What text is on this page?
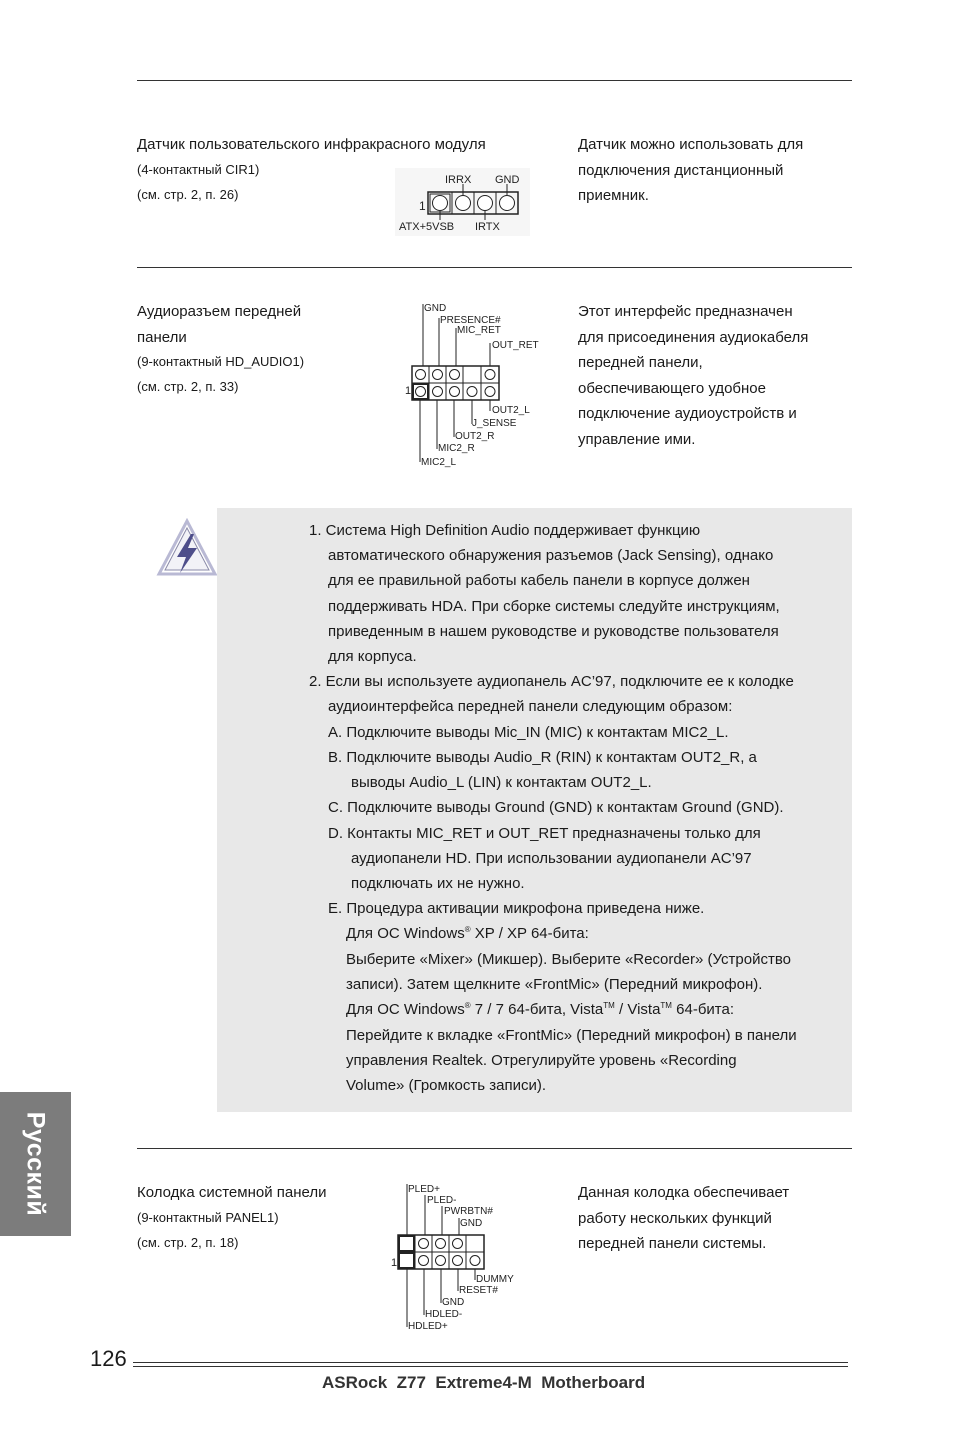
Датчик пользовательского инфракрасного модуля
(4-контактный CIR1)
(см. стр. 2, п. 26)
IRRX GND
1
ATX+5VSB IRTX
Датчик можно использовать для
подключения дистанционный
приемник.
Аудиоразъем передней
панели
(9-контактный HD_AUDIO1)
(см. стр. 2, п. 33)
GND
PRESENCE#
MIC_RET
OUT_RET
1
OUT2_L
J_SENSE
OUT2_R
MIC2_R
MIC2_L
Этот интерфейс предназначен
для присоединения аудиокабеля
передней панели,
обеспечивающего удобное
подключение аудиоустройств и
управление ими.
1. Система High Definition Audio поддерживает функцию
автоматического обнаружения разъемов (Jack Sensing), однако
для ее правильной работы кабель панели в корпусе должен
поддерживать HDA. При сборке системы следуйте инструкциям,
приведенным в нашем руководстве и руководстве пользователя
для корпуса.
2. Если вы используете аудиопанель AC’97, подключите ее к колодке
аудиоинтерфейса передней панели следующим образом:
A. Подключите выводы Mic_IN (MIC) к контактам MIC2_L.
B. Подключите выводы Audio_R (RIN) к контактам OUT2_R, а
выводы Audio_L (LIN) к контактам OUT2_L.
C. Подключите выводы Ground (GND) к контактам Ground (GND).
D. Контакты MIC_RET и OUT_RET предназначены только для
аудиопанели HD. При использовании аудиопанели AC’97
подключать их не нужно.
E. Процедура активации микрофона приведена ниже.
Для ОС Windows® XP / XP 64-бита:
Выберите «Mixer» (Микшер). Выберите «Recorder» (Устройство
записи). Затем щелкните «FrontMic» (Передний микрофон).
Для ОС Windows® 7 / 7 64-бита, Vista™ / Vista™ 64-бита:
Перейдите к вкладке «FrontMic» (Передний микрофон) в панели
управления Realtek. Отрегулируйте уровень «Recording
Volume» (Громкость записи).
Колодка системной панели
(9-контактный PANEL1)
(см. стр. 2, п. 18)
PLED+
PLED-
PWRBTN#
GND
1
DUMMY
RESET#
GND
HDLED-
HDLED+
Данная колодка обеспечивает
работу нескольких функций
передней панели системы.
Русский
126
ASRock  Z77  Extreme4-M  Motherboard
